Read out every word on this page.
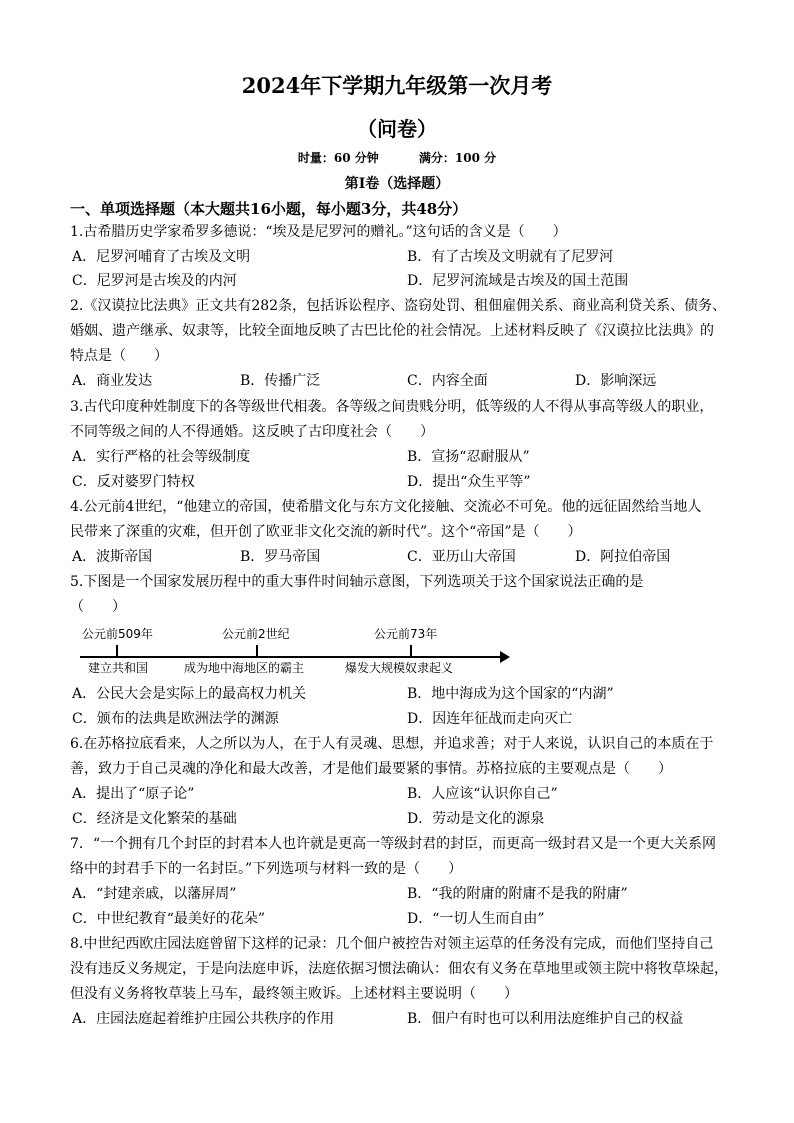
2024年下学期九年级第一次月考
（问卷）
时量：60 分钟	满分：100 分
第Ⅰ卷（选择题）
一、单项选择题（本大题共16小题，每小题3分，共48分）
1.古希腊历史学家希罗多德说：“埃及是尼罗河的赠礼。”这句话的含义是（　　）
A．尼罗河哺育了古埃及文明	B．有了古埃及文明就有了尼罗河
C．尼罗河是古埃及的内河	D．尼罗河流域是古埃及的国土范围
2.《汉谟拉比法典》正文共有282条，包括诉讼程序、盗窃处罚、租佃雇佣关系、商业高利贷关系、债务、
婚姻、遗产继承、奴隶等，比较全面地反映了古巴比伦的社会情况。上述材料反映了《汉谟拉比法典》的
特点是（　　）
A．商业发达	B．传播广泛	C．内容全面	D．影响深远
3.古代印度种姓制度下的各等级世代相袭。各等级之间贵贱分明，低等级的人不得从事高等级人的职业，
不同等级之间的人不得通婚。这反映了古印度社会（　　）
A．实行严格的社会等级制度	B．宣扬“忍耐服从”
C．反对婆罗门特权	D．提出“众生平等”
4.公元前4世纪，“他建立的帝国，使希腊文化与东方文化接触、交流必不可免。他的远征固然给当地人
民带来了深重的灾难，但开创了欧亚非文化交流的新时代”。这个“帝国”是（　　）
A．波斯帝国	B．罗马帝国	C．亚历山大帝国	D．阿拉伯帝国
5.下图是一个国家发展历程中的重大事件时间轴示意图，下列选项关于这个国家说法正确的是
（　　）
公元前509年	公元前2世纪	公元前73年
建立共和国	成为地中海地区的霸主	爆发大规模奴隶起义
A．公民大会是实际上的最高权力机关	B．地中海成为这个国家的“内湖”
C．颁布的法典是欧洲法学的渊源	D．因连年征战而走向灭亡
6.在苏格拉底看来，人之所以为人，在于人有灵魂、思想，并追求善；对于人来说，认识自己的本质在于
善，致力于自己灵魂的净化和最大改善，才是他们最要紧的事情。苏格拉底的主要观点是（　　）
A．提出了“原子论”	B．人应该“认识你自己”
C．经济是文化繁荣的基础	D．劳动是文化的源泉
7．“一个拥有几个封臣的封君本人也许就是更高一等级封君的封臣，而更高一级封君又是一个更大关系网
络中的封君手下的一名封臣。”下列选项与材料一致的是（　　）
A．“封建亲戚，以藩屏周”	B．“我的附庸的附庸不是我的附庸”
C．中世纪教育“最美好的花朵”	D．“一切人生而自由”
8.中世纪西欧庄园法庭曾留下这样的记录：几个佃户被控告对领主运草的任务没有完成，而他们坚持自己
没有违反义务规定，于是向法庭申诉，法庭依据习惯法确认：佃农有义务在草地里或领主院中将牧草垛起，
但没有义务将牧草装上马车，最终领主败诉。上述材料主要说明（　　）
A．庄园法庭起着维护庄园公共秩序的作用	B．佃户有时也可以利用法庭维护自己的权益
